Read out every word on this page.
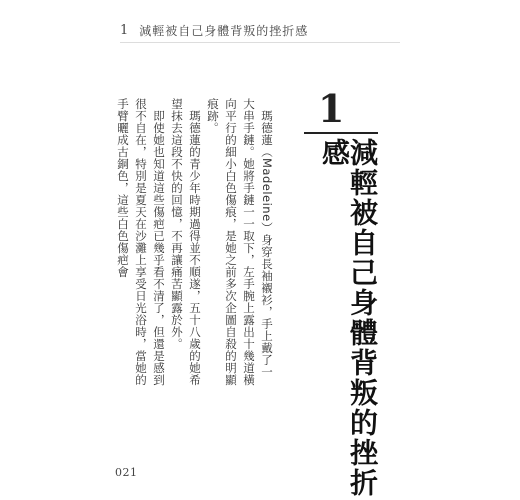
1 減輕被自己身體背叛的挫折感
1
減輕被自己身體背叛的挫折感

瑪德蓮（Madeleine）身穿長袖襯衫，手上戴了一大串手鏈。她將手鏈一一取下，左手腕上露出十幾道橫向平行的細小白色傷痕，是她之前多次企圖自殺的明顯痕跡。

瑪德蓮的青少年時期過得並不順遂，五十八歲的她希望抹去這段不快的回憶，不再讓痛苦顯露於外。

即使她也知道這些傷疤已幾乎看不清了，但還是感到很不自在，特別是夏天在沙灘上享受日光浴時，當她的手臂曬成古銅色，這些白色傷疤會

021
